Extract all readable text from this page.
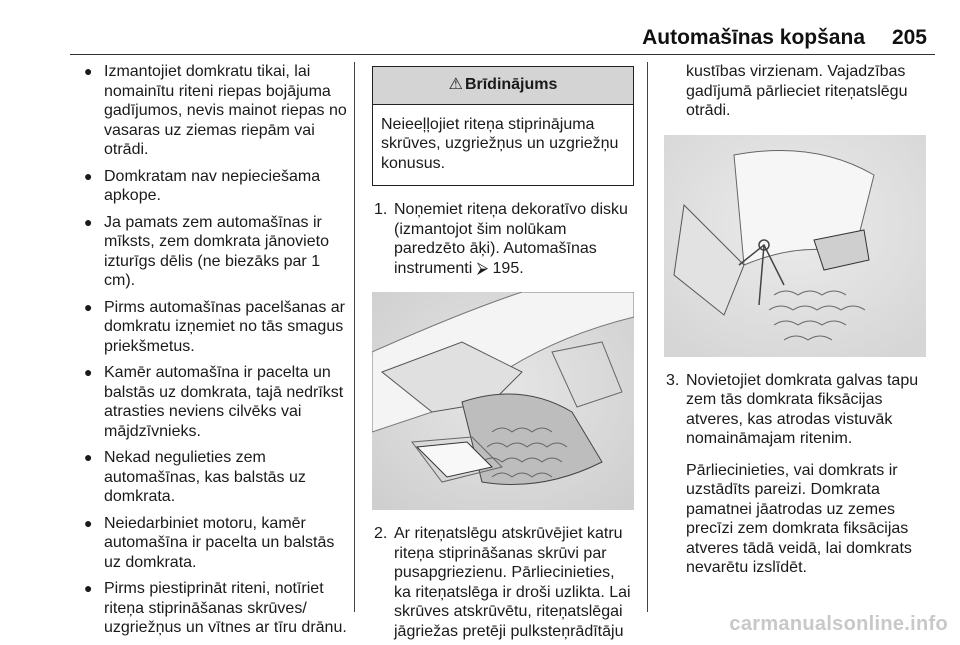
Automašīnas kopšana 205
● Izmantojiet domkratu tikai, lai nomainītu riteni riepas bojājuma gadījumos, nevis mainot riepas no vasaras uz ziemas riepām vai otrādi.
● Domkratam nav nepieciešama apkope.
● Ja pamats zem automašīnas ir mīksts, zem domkrata jānovieto izturīgs dēlis (ne biezāks par 1 cm).
● Pirms automašīnas pacelšanas ar domkratu izņemiet no tās smagus priekšmetus.
● Kamēr automašīna ir pacelta un balstās uz domkrata, tajā nedrīkst atrasties neviens cilvēks vai mājdzīvnieks.
● Nekad negulieties zem automašīnas, kas balstās uz domkrata.
● Neiedarbiniet motoru, kamēr automašīna ir pacelta un balstās uz domkrata.
● Pirms piestiprināt riteni, notīriet riteņa stiprināšanas skrūves/ uzgriežņus un vītnes ar tīru drānu.
⚠ Brīdinājums
Neieeļļojiet riteņa stiprinājuma skrūves, uzgriežņus un uzgriežņu konusus.
1. Noņemiet riteņa dekoratīvo disku (izmantojot šim nolūkam paredzēto āķi). Automašīnas instrumenti ⮚ 195.
2. Ar riteņatslēgu atskrūvējiet katru riteņa stiprināšanas skrūvi par pusapgriezienu. Pārliecinieties, ka riteņatslēga ir droši uzlikta. Lai skrūves atskrūvētu, riteņatslēgai jāgriežas pretēji pulksteņrādītāju
kustības virzienam. Vajadzības gadījumā pārlieciet riteņatslēgu otrādi.
3. Novietojiet domkrata galvas tapu zem tās domkrata fiksācijas atveres, kas atrodas vistuvāk nomaināmajam ritenim.
Pārliecinieties, vai domkrats ir uzstādīts pareizi. Domkrata pamatnei jāatrodas uz zemes precīzi zem domkrata fiksācijas atveres tādā veidā, lai domkrats nevarētu izslīdēt.
carmanualsonline.info
